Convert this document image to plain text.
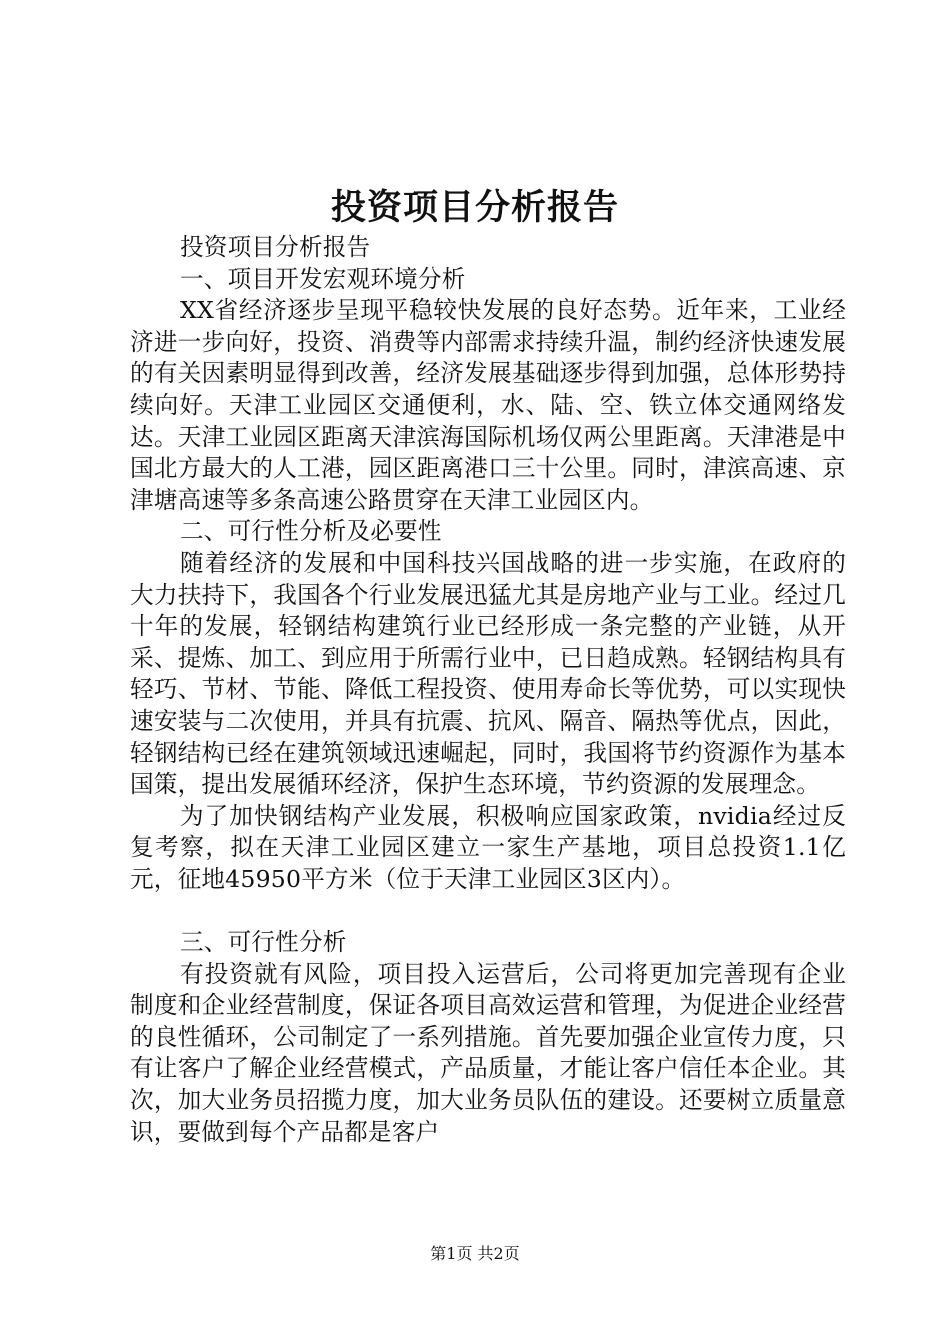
投资项目分析报告

投资项目分析报告

一、项目开发宏观环境分析

XX省经济逐步呈现平稳较快发展的良好态势。近年来，工业经济进一步向好，投资、消费等内部需求持续升温，制约经济快速发展的有关因素明显得到改善，经济发展基础逐步得到加强，总体形势持续向好。天津工业园区交通便利，水、陆、空、铁立体交通网络发达。天津工业园区距离天津滨海国际机场仅两公里距离。天津港是中国北方最大的人工港，园区距离港口三十公里。同时，津滨高速、京津塘高速等多条高速公路贯穿在天津工业园区内。

二、可行性分析及必要性

随着经济的发展和中国科技兴国战略的进一步实施，在政府的大力扶持下，我国各个行业发展迅猛尤其是房地产业与工业。经过几十年的发展，轻钢结构建筑行业已经形成一条完整的产业链，从开采、提炼、加工、到应用于所需行业中，已日趋成熟。轻钢结构具有轻巧、节材、节能、降低工程投资、使用寿命长等优势，可以实现快速安装与二次使用，并具有抗震、抗风、隔音、隔热等优点，因此，轻钢结构已经在建筑领域迅速崛起，同时，我国将节约资源作为基本国策，提出发展循环经济，保护生态环境，节约资源的发展理念。

为了加快钢结构产业发展，积极响应国家政策，nvidia经过反复考察，拟在天津工业园区建立一家生产基地，项目总投资1.1亿元，征地45950平方米（位于天津工业园区3区内）。

三、可行性分析

有投资就有风险，项目投入运营后，公司将更加完善现有企业制度和企业经营制度，保证各项目高效运营和管理，为促进企业经营的良性循环，公司制定了一系列措施。首先要加强企业宣传力度，只有让客户了解企业经营模式，产品质量，才能让客户信任本企业。其次，加大业务员招揽力度，加大业务员队伍的建设。还要树立质量意识，要做到每个产品都是客户

第1页 共2页
